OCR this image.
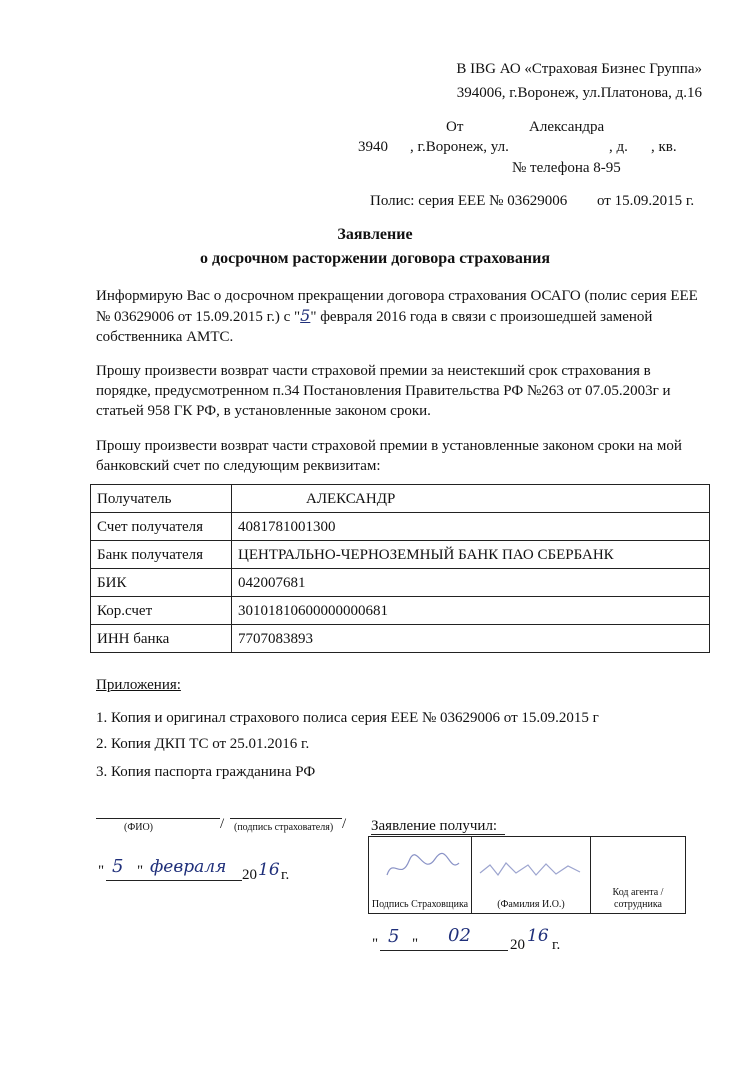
В IBG АО «Страховая Бизнес Группа»
394006, г.Воронеж, ул.Платонова, д.16
От	Александра
3940 , г.Воронеж, ул.	, д. , кв.
№ телефона 8-95
Полис: серия ЕЕЕ № 03629006 от 15.09.2015 г.
Заявление
о досрочном расторжении договора страхования
Информирую Вас о досрочном прекращении договора страхования ОСАГО (полис серия ЕЕЕ № 03629006 от 15.09.2015 г.) с "5" февраля 2016 года в связи с произошедшей заменой собственника АМТС.
Прошу произвести возврат части страховой премии за неистекший срок страхования в порядке, предусмотренном п.34 Постановления Правительства РФ №263 от 07.05.2003г и статьей 958 ГК РФ, в установленные законом сроки.
Прошу произвести возврат части страховой премии в установленные законом сроки на мой банковский счет по следующим реквизитам:
Получатель	АЛЕКСАНДР
Счет получателя	4081781001300
Банк получателя	ЦЕНТРАЛЬНО-ЧЕРНОЗЕМНЫЙ БАНК ПАО СБЕРБАНК
БИК	042007681
Кор.счет	30101810600000000681
ИНН банка	7707083893
Приложения:
1. Копия и оригинал страхового полиса серия ЕЕЕ № 03629006 от 15.09.2015 г
2. Копия ДКП ТС от 25.01.2016 г.
3. Копия паспорта гражданина РФ
/	/
(ФИО)	(подпись страхователя)
" 5 " февраля 20 16 г.
Заявление получил:
Подпись Страховщика	(Фамилия И.О.)	Код агента / сотрудника
" 5 " 02	20 16 г.
